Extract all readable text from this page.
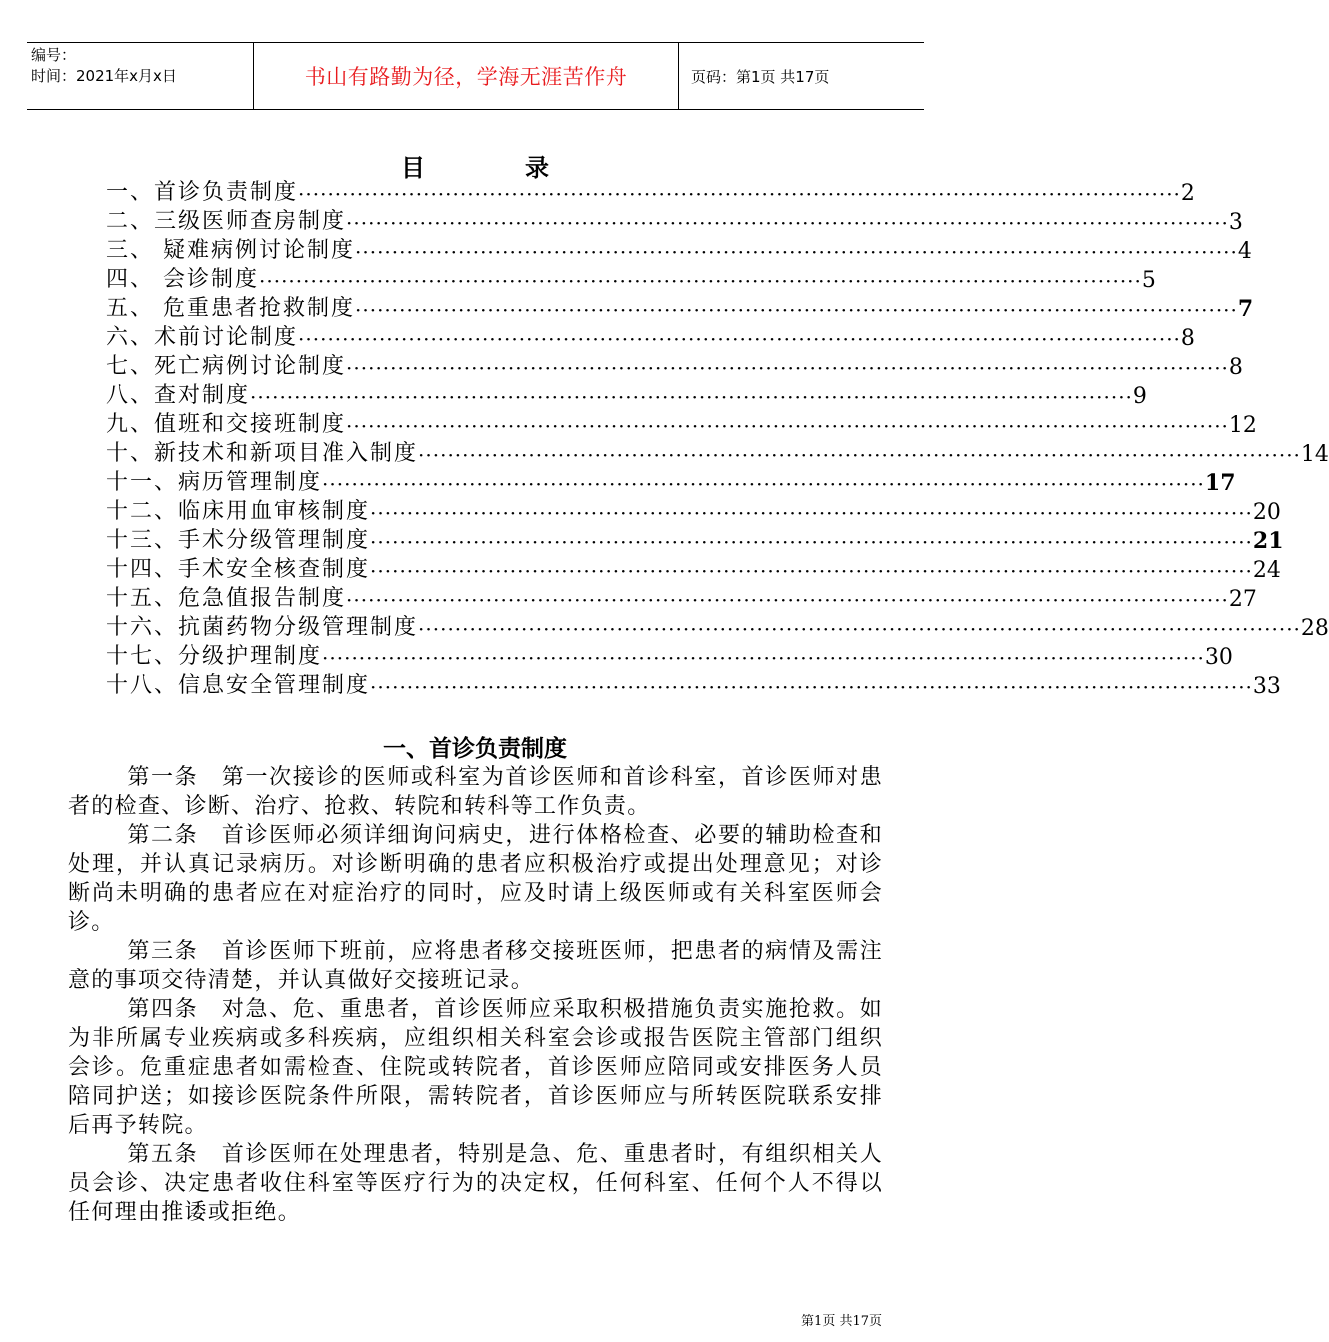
编号：
时间：2021年x月x日	书山有路勤为径，学海无涯苦作舟	页码：第1页 共17页
目录
一、首诊负责制度 ························································································································ 2
二、三级医师查房制度 ························································································································ 3
三、 疑难病例讨论制度 ························································································································ 4
四、 会诊制度 ························································································································ 5
五、 危重患者抢救制度 ························································································································ 7
六、术前讨论制度 ························································································································ 8
七、死亡病例讨论制度 ························································································································ 8
八、查对制度 ························································································································ 9
九、值班和交接班制度 ························································································································ 12
十、新技术和新项目准入制度 ························································································································ 14
十一、病历管理制度 ························································································································ 17
十二、临床用血审核制度 ························································································································ 20
十三、手术分级管理制度 ························································································································ 21
十四、手术安全核查制度 ························································································································ 24
十五、危急值报告制度 ························································································································ 27
十六、抗菌药物分级管理制度 ························································································································ 28
十七、分级护理制度 ························································································································ 30
十八、信息安全管理制度 ························································································································ 33
一、首诊负责制度

第一条　第一次接诊的医师或科室为首诊医师和首诊科室，首诊医师对患者的检查、诊断、治疗、抢救、转院和转科等工作负责。

第二条　首诊医师必须详细询问病史，进行体格检查、必要的辅助检查和处理，并认真记录病历。对诊断明确的患者应积极治疗或提出处理意见；对诊断尚未明确的患者应在对症治疗的同时，应及时请上级医师或有关科室医师会诊。

第三条　首诊医师下班前，应将患者移交接班医师，把患者的病情及需注意的事项交待清楚，并认真做好交接班记录。

第四条　对急、危、重患者，首诊医师应采取积极措施负责实施抢救。如为非所属专业疾病或多科疾病，应组织相关科室会诊或报告医院主管部门组织会诊。危重症患者如需检查、住院或转院者，首诊医师应陪同或安排医务人员陪同护送；如接诊医院条件所限，需转院者，首诊医师应与所转医院联系安排后再予转院。

第五条　首诊医师在处理患者，特别是急、危、重患者时，有组织相关人员会诊、决定患者收住科室等医疗行为的决定权，任何科室、任何个人不得以任何理由推诿或拒绝。

第1页 共17页
